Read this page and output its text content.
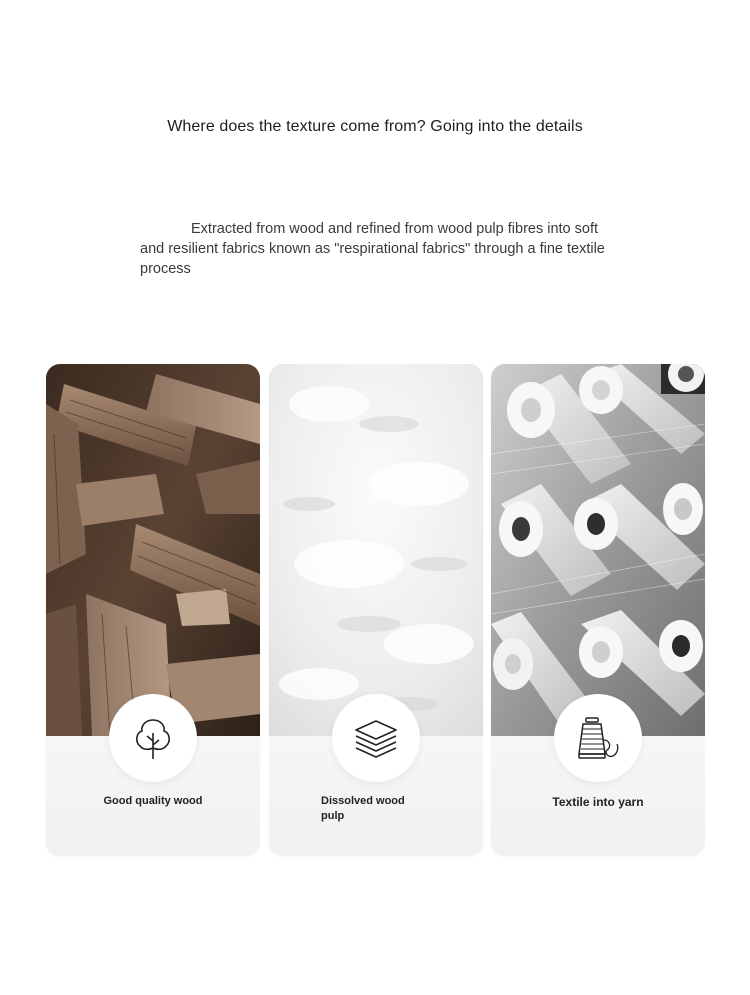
Where does the texture come from? Going into the details

Extracted from wood and refined from wood pulp fibres into soft and resilient fabrics known as "respirational fabrics" through a fine textile process

Good quality wood	Dissolved wood pulp
Textile into yarn
